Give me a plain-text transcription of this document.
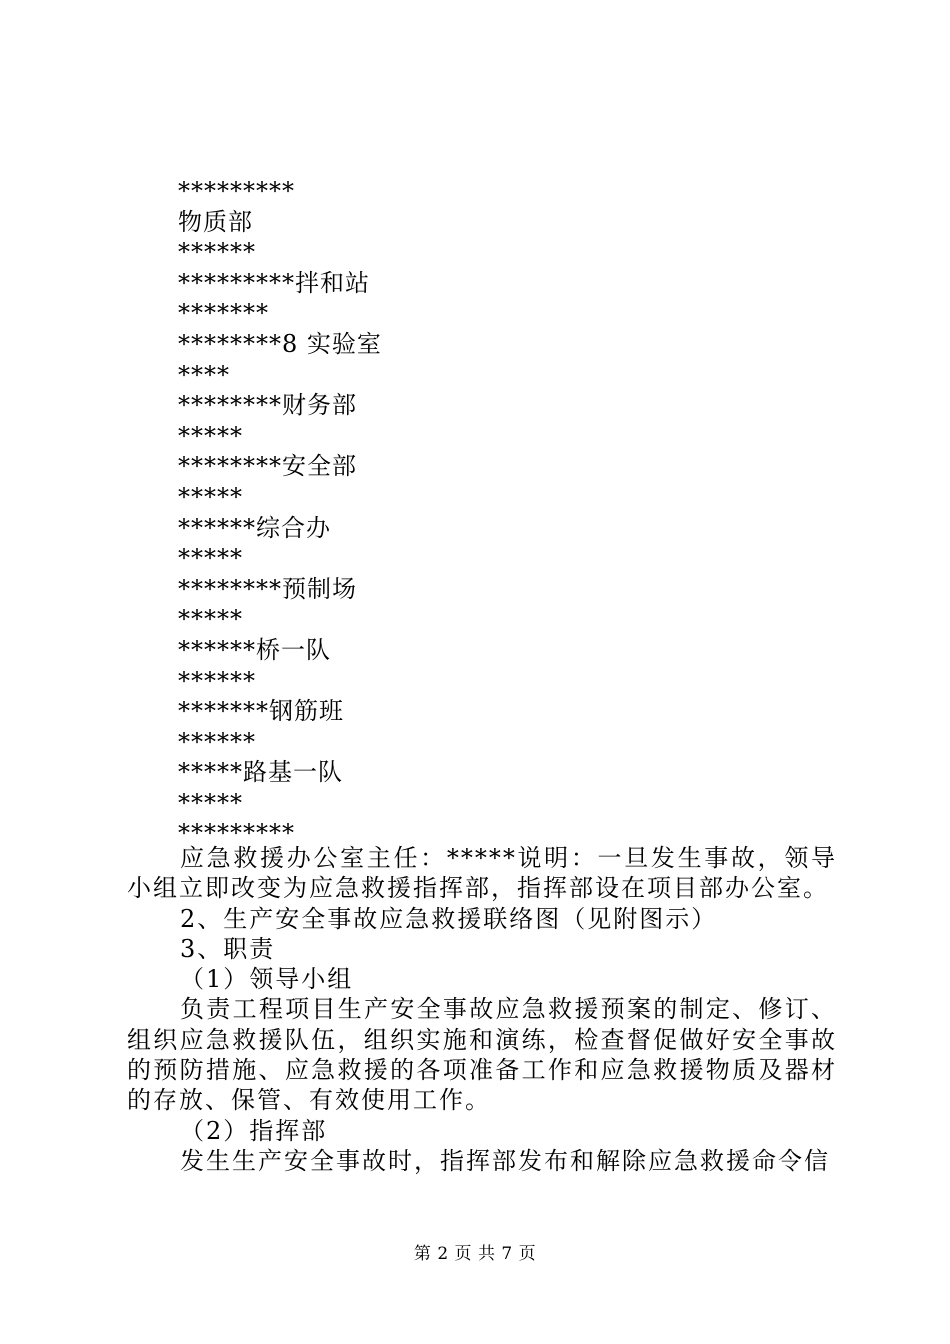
*********
物质部
******
*********拌和站
*******
********8 实验室
****
********财务部
*****
********安全部
*****
******综合办
*****
********预制场
*****
******桥一队
******
*******钢筋班
******
*****路基一队
*****
*********

应急救援办公室主任：*****说明：一旦发生事故，领导小组立即改变为应急救援指挥部，指挥部设在项目部办公室。

2、生产安全事故应急救援联络图（见附图示）

3、职责

（1）领导小组

负责工程项目生产安全事故应急救援预案的制定、修订、组织应急救援队伍，组织实施和演练，检查督促做好安全事故的预防措施、应急救援的各项准备工作和应急救援物质及器材的存放、保管、有效使用工作。

（2）指挥部

发生生产安全事故时，指挥部发布和解除应急救援命令信

第 2 页 共 7 页
